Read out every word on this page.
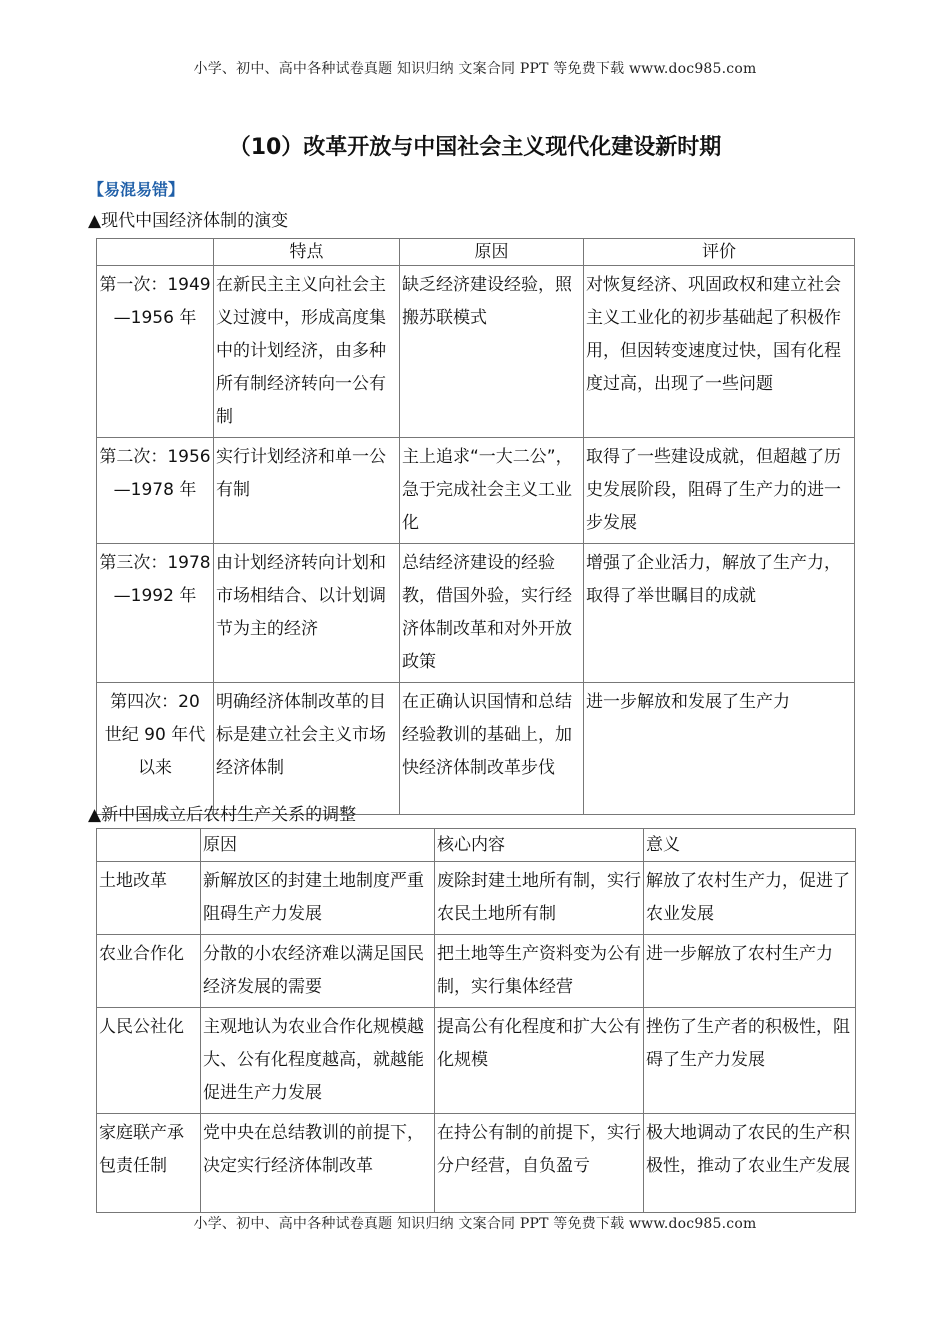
小学、初中、高中各种试卷真题 知识归纳 文案合同 PPT 等免费下载 www.doc985.com
（10）改革开放与中国社会主义现代化建设新时期
【易混易错】
▲现代中国经济体制的演变
	特点	原因	评价
第一次：1949—1956 年	在新民主主义向社会主义过渡中，形成高度集中的计划经济，由多种所有制经济转向一公有制	缺乏经济建设经验，照搬苏联模式	对恢复经济、巩固政权和建立社会主义工业化的初步基础起了积极作用，但因转变速度过快，国有化程度过高，出现了一些问题
第二次：1956—1978 年	实行计划经济和单一公有制	主上追求“一大二公”，急于完成社会主义工业化	取得了一些建设成就，但超越了历史发展阶段，阻碍了生产力的进一步发展
第三次：1978—1992 年	由计划经济转向计划和市场相结合、以计划调节为主的经济	总结经济建设的经验教，借国外验，实行经济体制改革和对外开放政策	增强了企业活力，解放了生产力，取得了举世瞩目的成就
第四次：20 世纪 90 年代以来	明确经济体制改革的目标是建立社会主义市场经济体制	在正确认识国情和总结经验教训的基础上，加快经济体制改革步伐	进一步解放和发展了生产力
▲新中国成立后农村生产关系的调整
	原因	核心内容	意义
土地改革	新解放区的封建土地制度严重阻碍生产力发展	废除封建土地所有制，实行农民土地所有制	解放了农村生产力，促进了农业发展
农业合作化	分散的小农经济难以满足国民经济发展的需要	把土地等生产资料变为公有制，实行集体经营	进一步解放了农村生产力
人民公社化	主观地认为农业合作化规模越大、公有化程度越高，就越能促进生产力发展	提高公有化程度和扩大公有化规模	挫伤了生产者的积极性，阻碍了生产力发展
家庭联产承包责任制	党中央在总结教训的前提下，决定实行经济体制改革	在持公有制的前提下，实行分户经营，自负盈亏	极大地调动了农民的生产积极性，推动了农业生产发展
小学、初中、高中各种试卷真题 知识归纳 文案合同 PPT 等免费下载 www.doc985.com
